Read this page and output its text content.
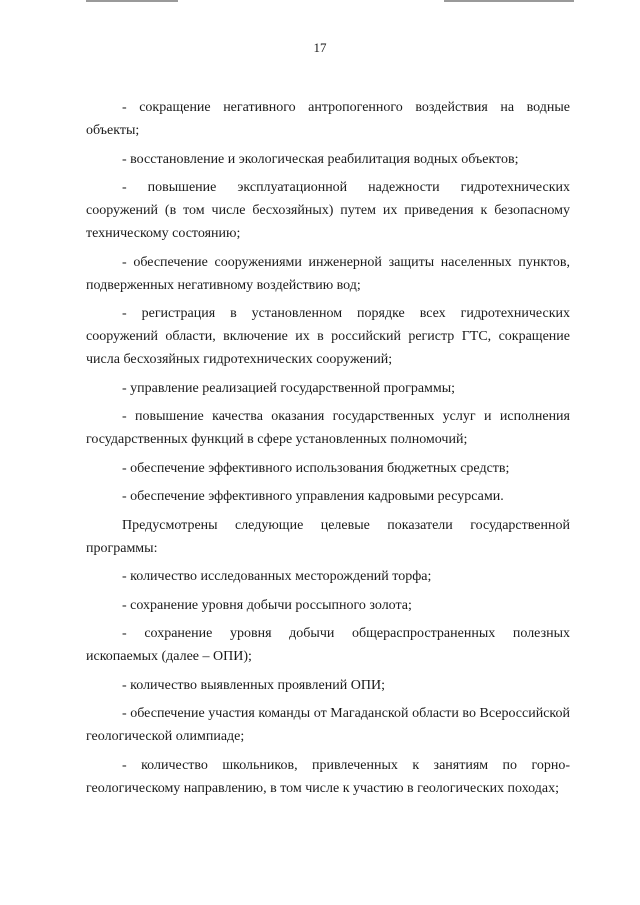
17

- сокращение негативного антропогенного воздействия на водные объекты;

- восстановление и экологическая реабилитация водных объектов;

- повышение эксплуатационной надежности гидротехнических сооружений (в том числе бесхозяйных) путем их приведения к безопасному техническому состоянию;

- обеспечение сооружениями инженерной защиты населенных пунктов, подверженных негативному воздействию вод;

- регистрация в установленном порядке всех гидротехнических сооружений области, включение их в российский регистр ГТС, сокращение числа бесхозяйных гидротехнических сооружений;

- управление реализацией государственной программы;

- повышение качества оказания государственных услуг и исполнения государственных функций в сфере установленных полномочий;

- обеспечение эффективного использования бюджетных средств;

- обеспечение эффективного управления кадровыми ресурсами.

Предусмотрены следующие целевые показатели государственной программы:

- количество исследованных месторождений торфа;

- сохранение уровня добычи россыпного золота;

- сохранение уровня добычи общераспространенных полезных ископаемых (далее – ОПИ);

- количество выявленных проявлений ОПИ;

- обеспечение участия команды от Магаданской области во Всероссийской геологической олимпиаде;

- количество школьников, привлеченных к занятиям по горно-геологическому направлению, в том числе к участию в геологических походах;
